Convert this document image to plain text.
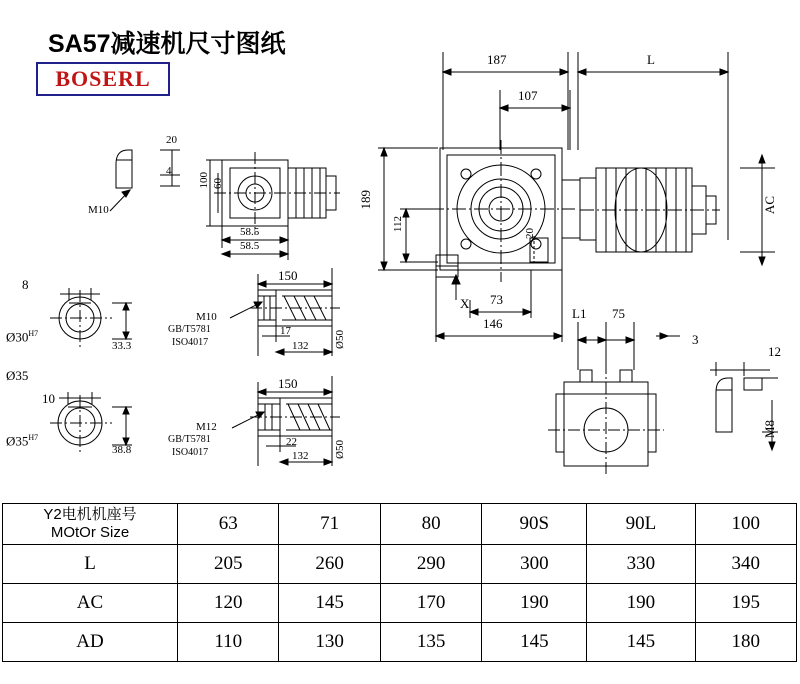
SA57减速机尺寸图纸
BOSERL
187	L
107
189
112
20
AC
X 73
146
M10
20
4
100 60
58.5
58.5
8
$Ø30^{H7}$
33.3
Ø35
10
$Ø35^{H7}$
38.8
150
M10
GB/T5781
ISO4017
17
132 Ø50
150
M12
GB/T5781
ISO4017
22
132 Ø50
L1 75
3
12
M8
Y2电机机座号
MOtOr Size	63	71	80	90S	90L	100
L	205	260	290	300	330	340
AC	120	145	170	190	190	195
AD	110	130	135	145	145	180
